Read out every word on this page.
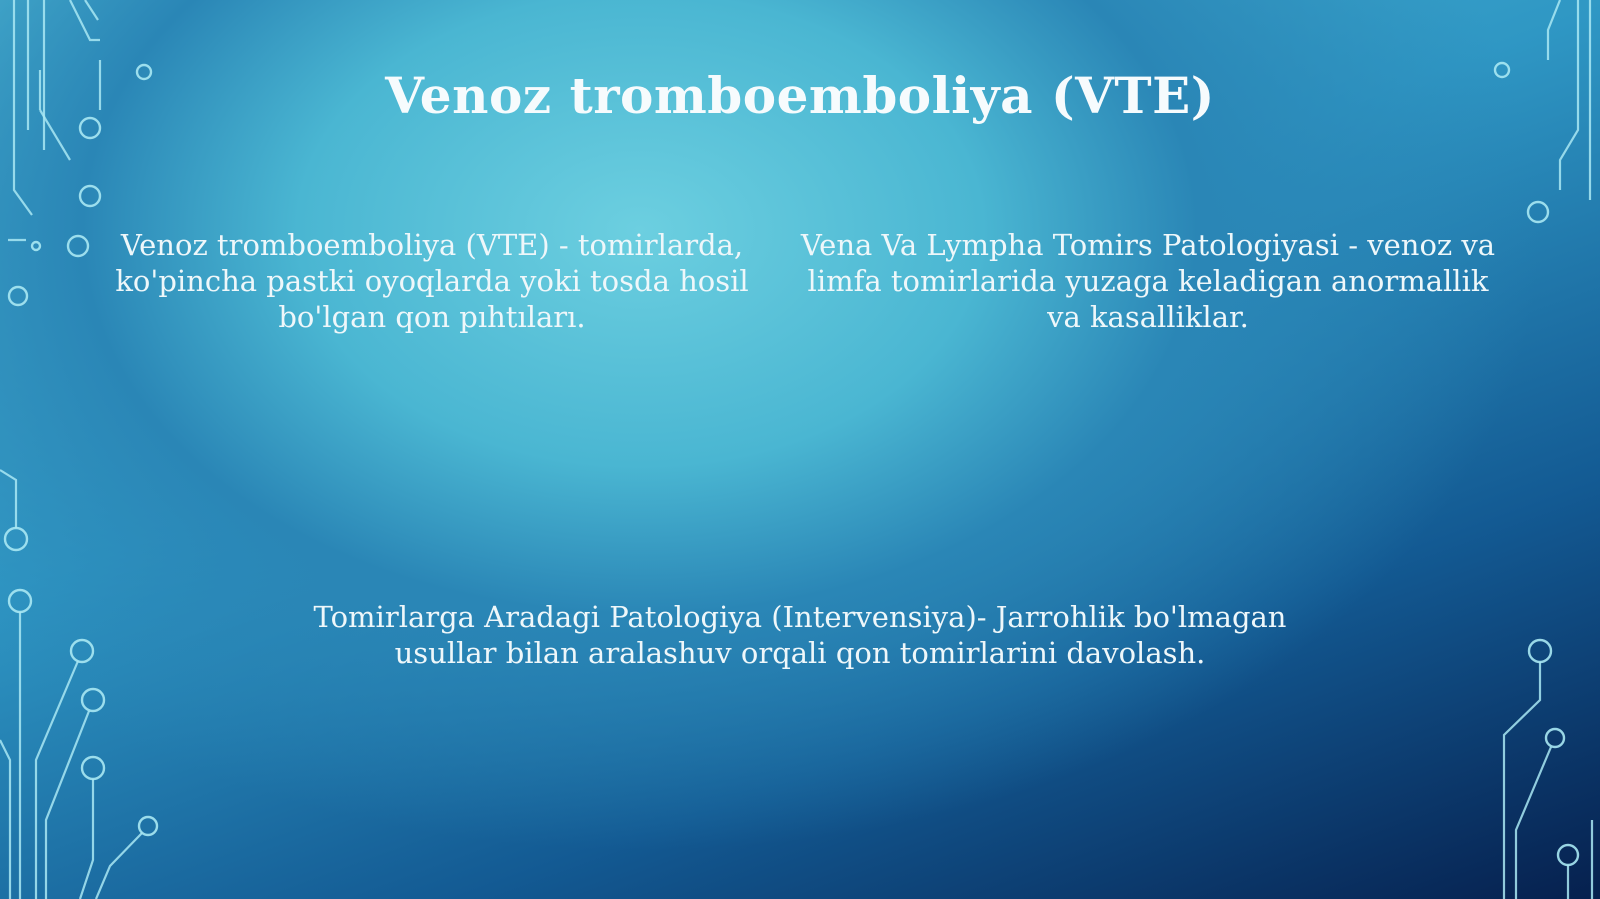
Venoz tromboemboliya (VTE)

Venoz tromboemboliya (VTE) - tomirlarda, ko'pincha pastki oyoqlarda yoki tosda hosil bo'lgan qon pıhtıları.

Vena Va Lympha Tomirs Patologiyasi - venoz va limfa tomirlarida yuzaga keladigan anormallik va kasalliklar.

Tomirlarga Aradagi Patologiya (Intervensiya)- Jarrohlik bo'lmagan
usullar bilan aralashuv orqali qon tomirlarini davolash.
